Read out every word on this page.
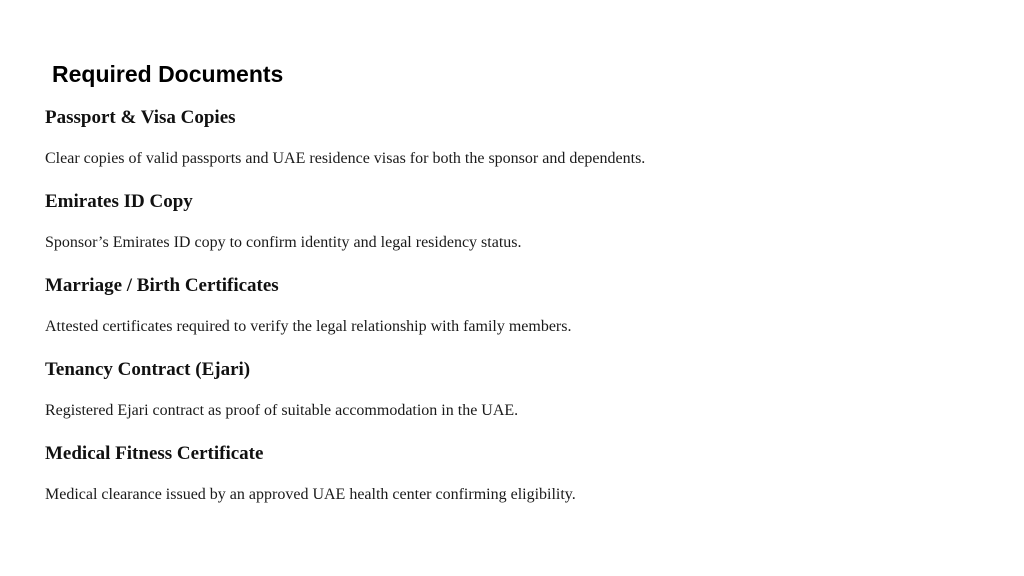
Required Documents
Passport & Visa Copies

Clear copies of valid passports and UAE residence visas for both the sponsor and dependents.

Emirates ID Copy

Sponsor’s Emirates ID copy to confirm identity and legal residency status.

Marriage / Birth Certificates

Attested certificates required to verify the legal relationship with family members.

Tenancy Contract (Ejari)

Registered Ejari contract as proof of suitable accommodation in the UAE.

Medical Fitness Certificate

Medical clearance issued by an approved UAE health center confirming eligibility.
